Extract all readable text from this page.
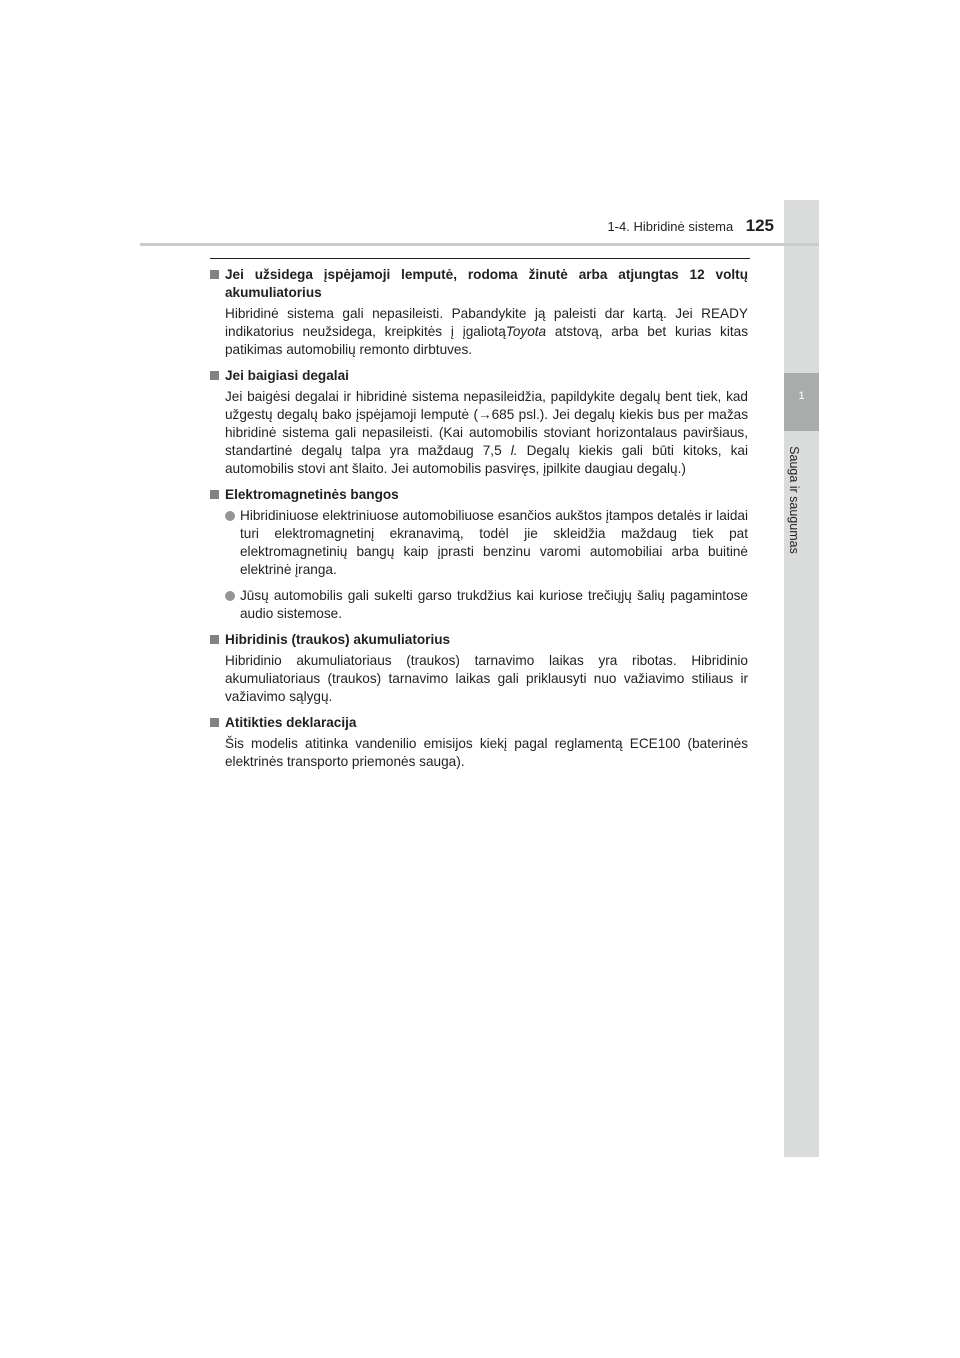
1
Sauga ir saugumas
1-4. Hibridinė sistema 125
Jei užsidega įspėjamoji lemputė, rodoma žinutė arba atjungtas 12 voltų akumuliatorius
Hibridinė sistema gali nepasileisti. Pabandykite ją paleisti dar kartą. Jei READY indikatorius neužsidega, kreipkitės į įgaliotąToyota atstovą, arba bet kurias kitas patikimas automobilių remonto dirbtuves.
Jei baigiasi degalai
Jei baigėsi degalai ir hibridinė sistema nepasileidžia, papildykite degalų bent tiek, kad užgestų degalų bako įspėjamoji lemputė (→685 psl.). Jei degalų kiekis bus per mažas hibridinė sistema gali nepasileisti. (Kai automobilis stoviant horizontalaus paviršiaus, standartinė degalų talpa yra maždaug 7,5 l. Degalų kiekis gali būti kitoks, kai automobilis stovi ant šlaito. Jei automobilis pasviręs, įpilkite daugiau degalų.)
Elektromagnetinės bangos
Hibridiniuose elektriniuose automobiliuose esančios aukštos įtampos detalės ir laidai turi elektromagnetinį ekranavimą, todėl jie skleidžia maždaug tiek pat elektromagnetinių bangų kaip įprasti benzinu varomi automobiliai arba buitinė elektrinė įranga.
Jūsų automobilis gali sukelti garso trukdžius kai kuriose trečiųjų šalių pagamintose audio sistemose.
Hibridinis (traukos) akumuliatorius
Hibridinio akumuliatoriaus (traukos) tarnavimo laikas yra ribotas. Hibridinio akumuliatoriaus (traukos) tarnavimo laikas gali priklausyti nuo važiavimo stiliaus ir važiavimo sąlygų.
Atitikties deklaracija
Šis modelis atitinka vandenilio emisijos kiekį pagal reglamentą ECE100 (baterinės elektrinės transporto priemonės sauga).
